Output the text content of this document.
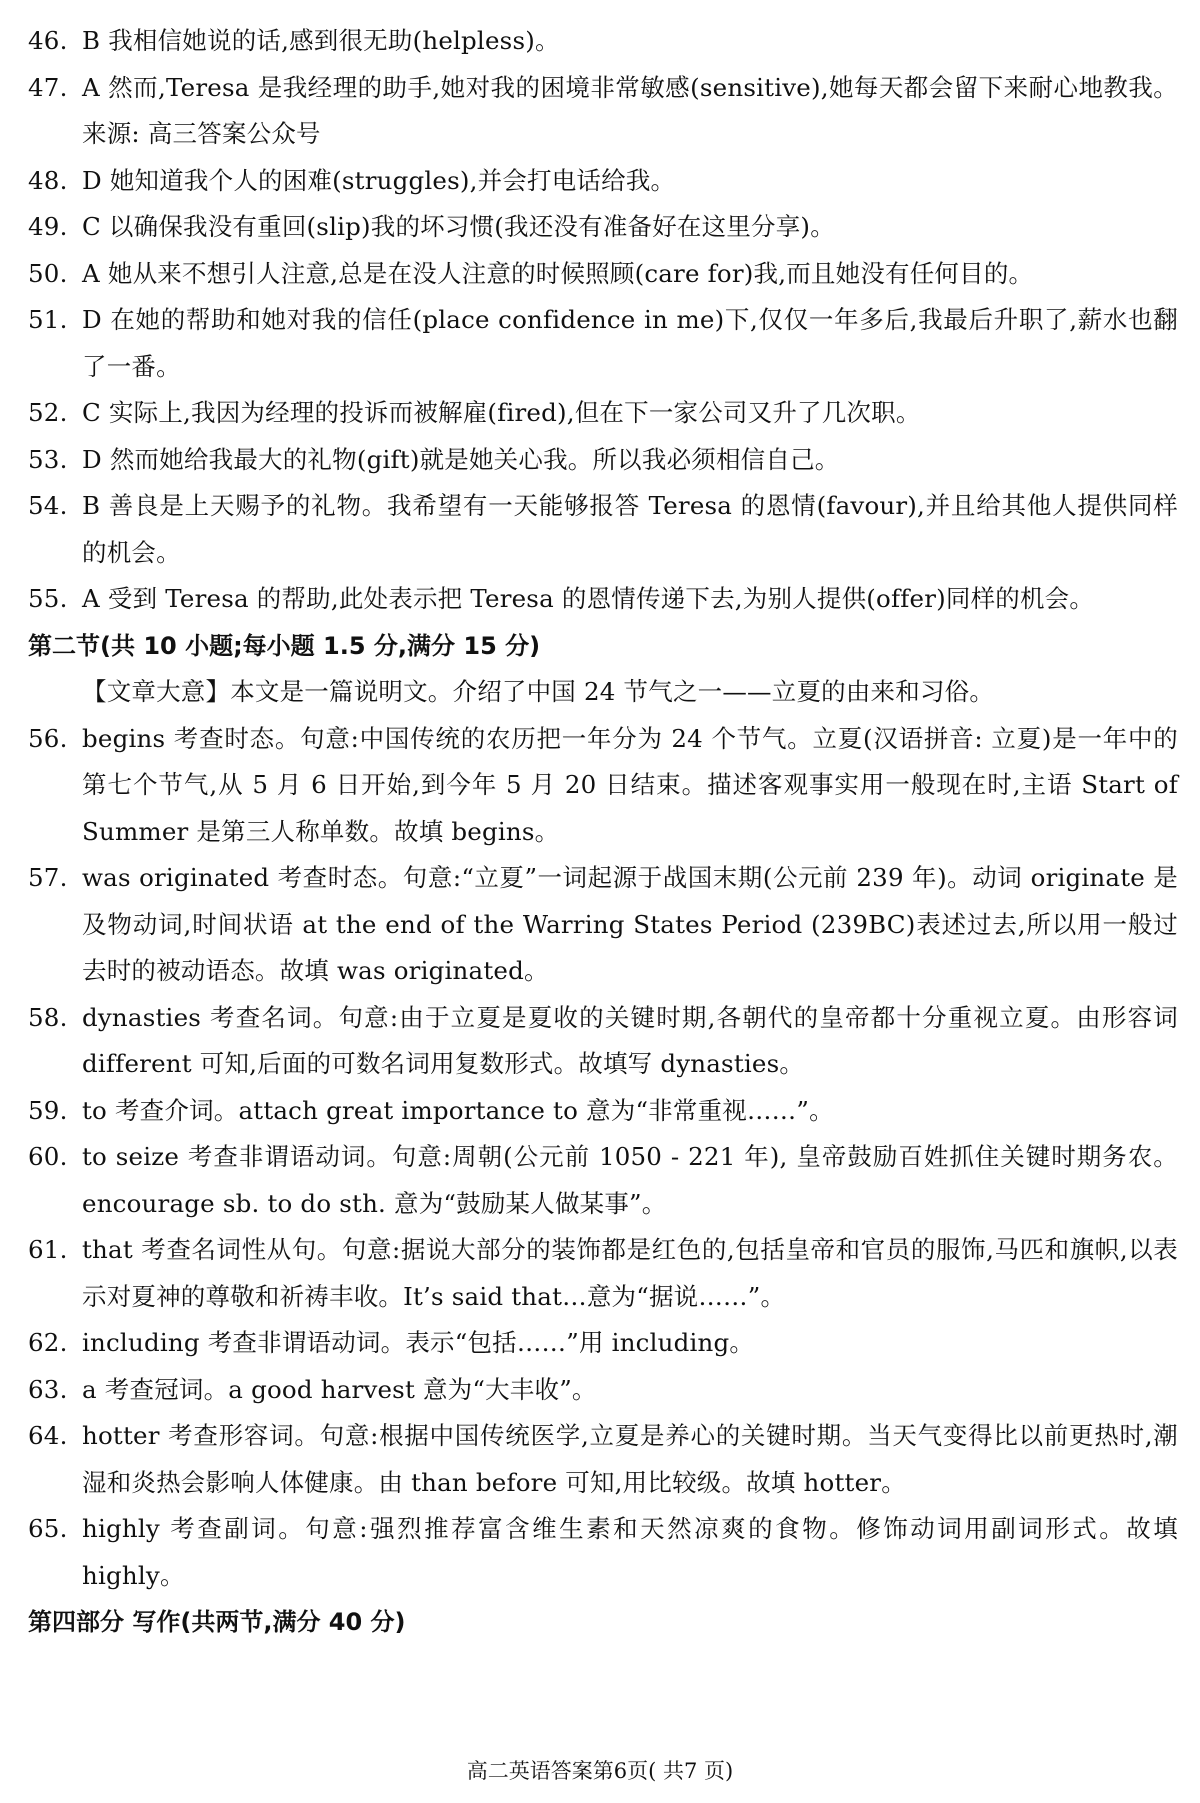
46. B 我相信她说的话,感到很无助(helpless)。
47. A 然而,Teresa 是我经理的助手,她对我的困境非常敏感(sensitive),她每天都会留下来耐心地教我。来源: 高三答案公众号
48. D 她知道我个人的困难(struggles),并会打电话给我。
49. C 以确保我没有重回(slip)我的坏习惯(我还没有准备好在这里分享)。
50. A 她从来不想引人注意,总是在没人注意的时候照顾(care for)我,而且她没有任何目的。
51. D 在她的帮助和她对我的信任(place confidence in me)下,仅仅一年多后,我最后升职了,薪水也翻了一番。
52. C 实际上,我因为经理的投诉而被解雇(fired),但在下一家公司又升了几次职。
53. D 然而她给我最大的礼物(gift)就是她关心我。所以我必须相信自己。
54. B 善良是上天赐予的礼物。我希望有一天能够报答 Teresa 的恩情(favour),并且给其他人提供同样的机会。
55. A 受到 Teresa 的帮助,此处表示把 Teresa 的恩情传递下去,为别人提供(offer)同样的机会。
第二节(共 10 小题;每小题 1.5 分,满分 15 分)
【文章大意】本文是一篇说明文。介绍了中国 24 节气之一——立夏的由来和习俗。
56. begins 考查时态。句意:中国传统的农历把一年分为 24 个节气。立夏(汉语拼音: 立夏)是一年中的第七个节气,从 5 月 6 日开始,到今年 5 月 20 日结束。描述客观事实用一般现在时,主语 Start of Summer 是第三人称单数。故填 begins。
57. was originated 考查时态。句意:“立夏”一词起源于战国末期(公元前 239 年)。动词 originate 是及物动词,时间状语 at the end of the Warring States Period (239BC)表述过去,所以用一般过去时的被动语态。故填 was originated。
58. dynasties 考查名词。句意:由于立夏是夏收的关键时期,各朝代的皇帝都十分重视立夏。由形容词 different 可知,后面的可数名词用复数形式。故填写 dynasties。
59. to 考查介词。attach great importance to 意为“非常重视……”。
60. to seize 考查非谓语动词。句意:周朝(公元前 1050 - 221 年), 皇帝鼓励百姓抓住关键时期务农。encourage sb. to do sth. 意为“鼓励某人做某事”。
61. that 考查名词性从句。句意:据说大部分的装饰都是红色的,包括皇帝和官员的服饰,马匹和旗帜,以表示对夏神的尊敬和祈祷丰收。It’s said that…意为“据说……”。
62. including 考查非谓语动词。表示“包括……”用 including。
63. a 考查冠词。a good harvest 意为“大丰收”。
64. hotter 考查形容词。句意:根据中国传统医学,立夏是养心的关键时期。当天气变得比以前更热时,潮湿和炎热会影响人体健康。由 than before 可知,用比较级。故填 hotter。
65. highly 考查副词。句意:强烈推荐富含维生素和天然凉爽的食物。修饰动词用副词形式。故填 highly。
第四部分 写作(共两节,满分 40 分)
高二英语答案第6页( 共7 页)
